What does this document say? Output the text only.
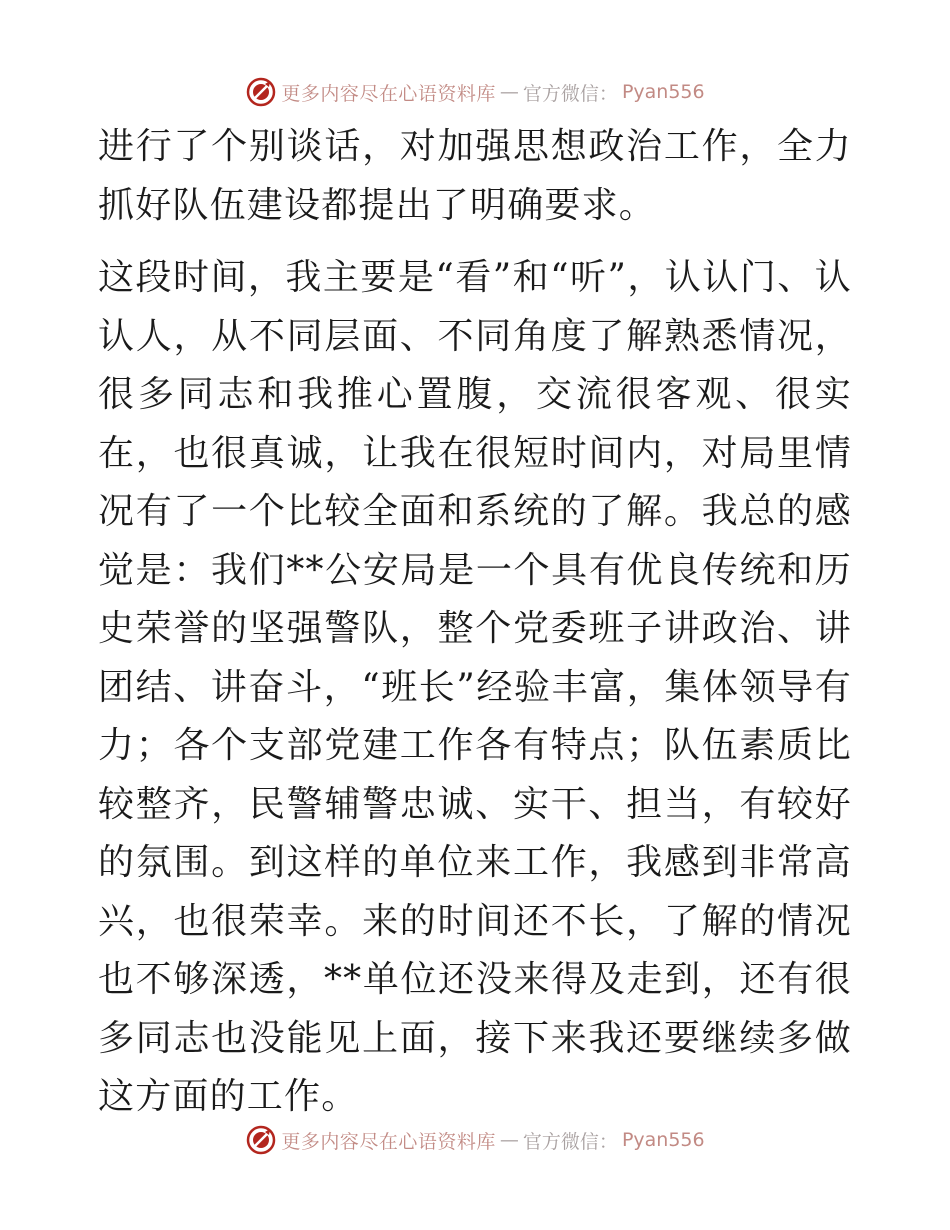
更多内容尽在心语资料库 — 官方微信： Pyan556

进行了个别谈话，对加强思想政治工作，全力抓好队伍建设都提出了明确要求。

这段时间，我主要是“看”和“听”，认认门、认认人，从不同层面、不同角度了解熟悉情况，很多同志和我推心置腹，交流很客观、很实在，也很真诚，让我在很短时间内，对局里情况有了一个比较全面和系统的了解。我总的感觉是：我们**公安局是一个具有优良传统和历史荣誉的坚强警队，整个党委班子讲政治、讲团结、讲奋斗，“班长”经验丰富，集体领导有力；各个支部党建工作各有特点；队伍素质比较整齐，民警辅警忠诚、实干、担当，有较好的氛围。到这样的单位来工作，我感到非常高兴，也很荣幸。来的时间还不长，了解的情况也不够深透，**单位还没来得及走到，还有很多同志也没能见上面，接下来我还要继续多做这方面的工作。

更多内容尽在心语资料库 — 官方微信： Pyan556
